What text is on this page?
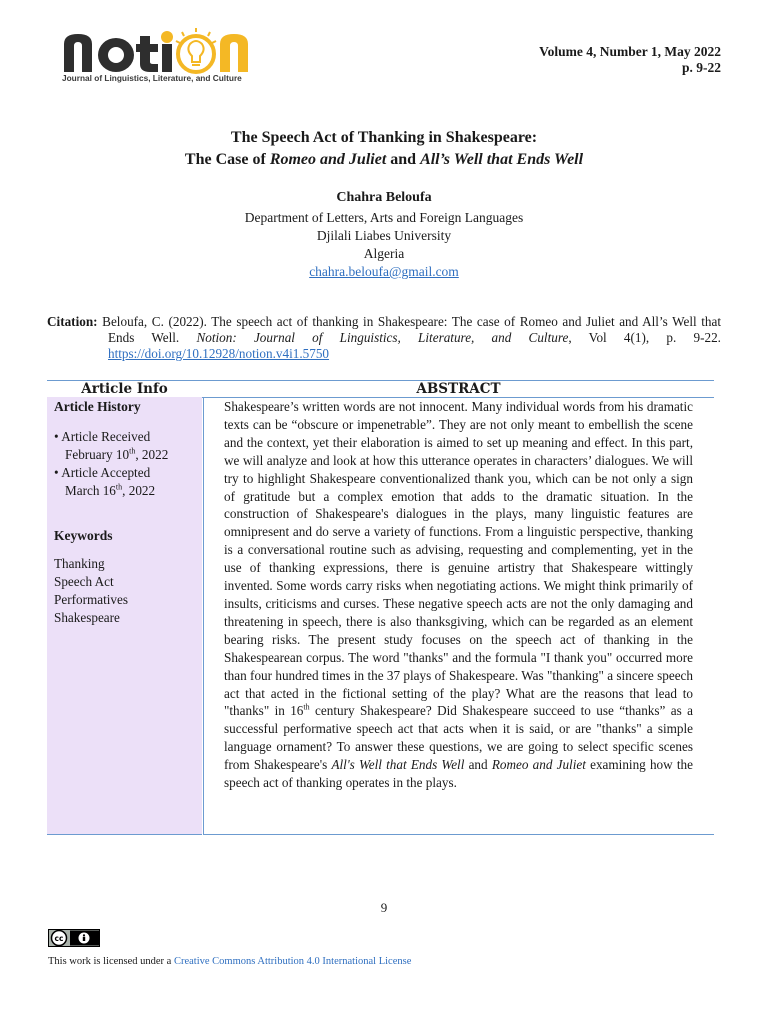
Journal of Linguistics, Literature, and Culture
Volume 4, Number 1, May 2022
p. 9-22
The Speech Act of Thanking in Shakespeare:
The Case of Romeo and Juliet and All’s Well that Ends Well
Chahra Beloufa
Department of Letters, Arts and Foreign Languages
Djilali Liabes University
Algeria
chahra.beloufa@gmail.com
Citation: Beloufa, C. (2022). The speech act of thanking in Shakespeare: The case of Romeo and Juliet and All’s Well that Ends Well. Notion: Journal of Linguistics, Literature, and Culture, Vol 4(1), p. 9-22. https://doi.org/10.12928/notion.v4i1.5750
Article Info	ABSTRACT
Article History
• Article Received
February 10th, 2022
• Article Accepted
March 16th, 2022
Keywords
Thanking
Speech Act
Performatives
Shakespeare
Shakespeare’s written words are not innocent. Many individual words from his dramatic texts can be “obscure or impenetrable”. They are not only meant to embellish the scene and the context, yet their elaboration is aimed to set up meaning and effect. In this part, we will analyze and look at how this utterance operates in characters’ dialogues. We will try to highlight Shakespeare conventionalized thank you, which can be not only a sign of gratitude but a complex emotion that adds to the dramatic situation. In the construction of Shakespeare's dialogues in the plays, many linguistic features are omnipresent and do serve a variety of functions. From a linguistic perspective, thanking is a conversational routine such as advising, requesting and complementing, yet in the use of thanking expressions, there is genuine artistry that Shakespeare wittingly invented. Some words carry risks when negotiating actions. We might think primarily of insults, criticisms and curses. These negative speech acts are not the only damaging and threatening in speech, there is also thanksgiving, which can be regarded as an element bearing risks. The present study focuses on the speech act of thanking in the Shakespearean corpus. The word "thanks" and the formula "I thank you" occurred more than four hundred times in the 37 plays of Shakespeare. Was "thanking" a sincere speech act that acted in the fictional setting of the play? What are the reasons that lead to "thanks" in 16th century Shakespeare? Did Shakespeare succeed to use “thanks” as a successful performative speech act that acts when it is said, or are "thanks" a simple language ornament? To answer these questions, we are going to select specific scenes from Shakespeare's All's Well that Ends Well and Romeo and Juliet examining how the speech act of thanking operates in the plays.
9
cc
This work is licensed under a Creative Commons Attribution 4.0 International License
